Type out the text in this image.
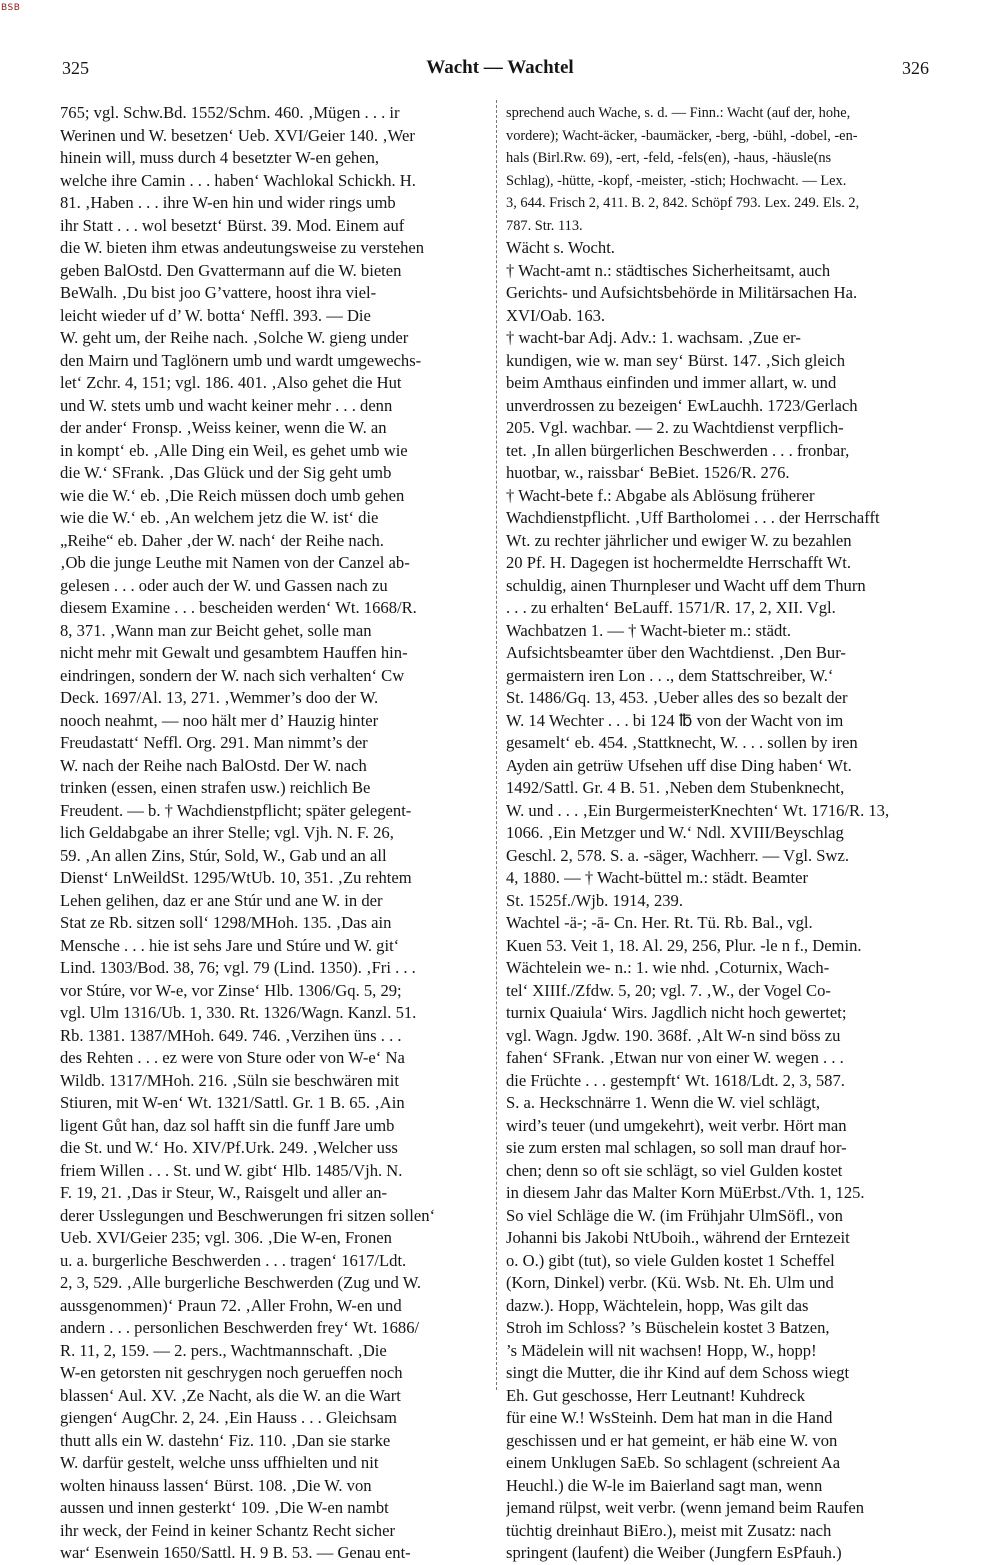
BSB
325	Wacht — Wachtel	326
765; vgl. Schw.Bd. 1552/Schm. 460. ‚Mügen . . . ir
Werinen und W. besetzen‘ Ueb. XVI/Geier 140. ‚Wer
hinein will, muss durch 4 besetzter W-en gehen,
welche ihre Camin . . . haben‘ Wachlokal Schickh. H.
81. ‚Haben . . . ihre W-en hin und wider rings umb
ihr Statt . . . wol besetzt‘ Bürst. 39. Mod. Einem auf
die W. bieten ihm etwas andeutungsweise zu verstehen
geben BalOstd. Den Gvattermann auf die W. bieten
BeWalh. ‚Du bist joo G’vattere, hoost ihra viel-
leicht wieder uf d’ W. botta‘ Neffl. 393. — Die
W. geht um, der Reihe nach. ‚Solche W. gieng under
den Mairn und Taglönern umb und wardt umgewechs-
let‘ Zchr. 4, 151; vgl. 186. 401. ‚Also gehet die Hut
und W. stets umb und wacht keiner mehr . . . denn
der ander‘ Fronsp. ‚Weiss keiner, wenn die W. an
in kompt‘ eb. ‚Alle Ding ein Weil, es gehet umb wie
die W.‘ SFrank. ‚Das Glück und der Sig geht umb
wie die W.‘ eb. ‚Die Reich müssen doch umb gehen
wie die W.‘ eb. ‚An welchem jetz die W. ist‘ die
„Reihe“ eb. Daher ‚der W. nach‘ der Reihe nach.
‚Ob die junge Leuthe mit Namen von der Canzel ab-
gelesen . . . oder auch der W. und Gassen nach zu
diesem Examine . . . bescheiden werden‘ Wt. 1668/R.
8, 371. ‚Wann man zur Beicht gehet, solle man
nicht mehr mit Gewalt und gesambtem Hauffen hin-
eindringen, sondern der W. nach sich verhalten‘ Cw
Deck. 1697/Al. 13, 271. ‚Wemmer’s doo der W.
nooch neahmt, — noo hält mer d’ Hauzig hinter
Freudastatt‘ Neffl. Org. 291. Man nimmt’s der
W. nach der Reihe nach BalOstd. Der W. nach
trinken (essen, einen strafen usw.) reichlich Be
Freudent. — b. † Wachdienstpflicht; später gelegent-
lich Geldabgabe an ihrer Stelle; vgl. Vjh. N. F. 26,
59. ‚An allen Zins, Stúr, Sold, W., Gab und an all
Dienst‘ LnWeildSt. 1295/WtUb. 10, 351. ‚Zu rehtem
Lehen gelihen, daz er ane Stúr und ane W. in der
Stat ze Rb. sitzen soll‘ 1298/MHoh. 135. ‚Das ain
Mensche . . . hie ist sehs Jare und Stúre und W. git‘
Lind. 1303/Bod. 38, 76; vgl. 79 (Lind. 1350). ‚Fri . . .
vor Stúre, vor W-e, vor Zinse‘ Hlb. 1306/Gq. 5, 29;
vgl. Ulm 1316/Ub. 1, 330. Rt. 1326/Wagn. Kanzl. 51.
Rb. 1381. 1387/MHoh. 649. 746. ‚Verzihen üns . . .
des Rehten . . . ez were von Sture oder von W-e‘ Na
Wildb. 1317/MHoh. 216. ‚Süln sie beschwären mit
Stiuren, mit W-en‘ Wt. 1321/Sattl. Gr. 1 B. 65. ‚Ain
ligent Gůt han, daz sol hafft sin die funff Jare umb
die St. und W.‘ Ho. XIV/Pf.Urk. 249. ‚Welcher uss
friem Willen . . . St. und W. gibt‘ Hlb. 1485/Vjh. N.
F. 19, 21. ‚Das ir Steur, W., Raisgelt und aller an-
derer Usslegungen und Beschwerungen fri sitzen sollen‘
Ueb. XVI/Geier 235; vgl. 306. ‚Die W-en, Fronen
u. a. burgerliche Beschwerden . . . tragen‘ 1617/Ldt.
2, 3, 529. ‚Alle burgerliche Beschwerden (Zug und W.
aussgenommen)‘ Praun 72. ‚Aller Frohn, W-en und
andern . . . personlichen Beschwerden frey‘ Wt. 1686/
R. 11, 2, 159. — 2. pers., Wachtmannschaft. ‚Die
W-en getorsten nit geschrygen noch gerueffen noch
blassen‘ Aul. XV. ‚Ze Nacht, als die W. an die Wart
giengen‘ AugChr. 2, 24. ‚Ein Hauss . . . Gleichsam
thutt alls ein W. dastehn‘ Fiz. 110. ‚Dan sie starke
W. darfür gestelt, welche unss uffhielten und nit
wolten hinauss lassen‘ Bürst. 108. ‚Die W. von
aussen und innen gesterkt‘ 109. ‚Die W-en nambt
ihr weck, der Feind in keiner Schantz Recht sicher
war‘ Esenwein 1650/Sattl. H. 9 B. 53. — Genau ent-
sprechend auch Wache, s. d. — Finn.: Wacht (auf der, hohe,
vordere); Wacht-äcker, -baumäcker, -berg, -bühl, -dobel, -en-
hals (Birl.Rw. 69), -ert, -feld, -fels(en), -haus, -häusle(ns
Schlag), -hütte, -kopf, -meister, -stich; Hochwacht. — Lex.
3, 644. Frisch 2, 411. B. 2, 842. Schöpf 793. Lex. 249. Els. 2,
787. Str. 113.
Wächt s. Wocht.
† Wacht-amt n.: städtisches Sicherheitsamt, auch
Gerichts- und Aufsichtsbehörde in Militärsachen Ha.
XVI/Oab. 163.
† wacht-bar Adj. Adv.: 1. wachsam. ‚Zue er-
kundigen, wie w. man sey‘ Bürst. 147. ‚Sich gleich
beim Amthaus einfinden und immer allart, w. und
unverdrossen zu bezeigen‘ EwLauchh. 1723/Gerlach
205. Vgl. wachbar. — 2. zu Wachtdienst verpflich-
tet. ‚In allen bürgerlichen Beschwerden . . . fronbar,
huotbar, w., raissbar‘ BeBiet. 1526/R. 276.
† Wacht-bete f.: Abgabe als Ablösung früherer
Wachdienstpflicht. ‚Uff Bartholomei . . . der Herrschafft
Wt. zu rechter jährlicher und ewiger W. zu bezahlen
20 Pf. H. Dagegen ist hochermeldte Herrschafft Wt.
schuldig, ainen Thurnpleser und Wacht uff dem Thurn
. . . zu erhalten‘ BeLauff. 1571/R. 17, 2, XII. Vgl.
Wachbatzen 1. — † Wacht-bieter m.: städt.
Aufsichtsbeamter über den Wachtdienst. ‚Den Bur-
germaistern iren Lon . . ., dem Stattschreiber, W.‘
St. 1486/Gq. 13, 453. ‚Ueber alles des so bezalt der
W. 14 Wechter . . . bi 124 ℔ von der Wacht von im
gesamelt‘ eb. 454. ‚Stattknecht, W. . . . sollen by iren
Ayden ain getrüw Ufsehen uff dise Ding haben‘ Wt.
1492/Sattl. Gr. 4 B. 51. ‚Neben dem Stubenknecht,
W. und . . . ‚Ein BurgermeisterKnechten‘ Wt. 1716/R. 13,
1066. ‚Ein Metzger und W.‘ Ndl. XVIII/Beyschlag
Geschl. 2, 578. S. a. -säger, Wachherr. — Vgl. Swz.
4, 1880. — † Wacht-büttel m.: städt. Beamter
St. 1525f./Wjb. 1914, 239.
Wachtel -ä-; -ā- Cn. Her. Rt. Tü. Rb. Bal., vgl.
Kuen 53. Veit 1, 18. Al. 29, 256, Plur. -le n f., Demin.
Wächtelein we- n.: 1. wie nhd. ‚Coturnix, Wach-
tel‘ XIIIf./Zfdw. 5, 20; vgl. 7. ‚W., der Vogel Co-
turnix Quaiula‘ Wirs. Jagdlich nicht hoch gewertet;
vgl. Wagn. Jgdw. 190. 368f. ‚Alt W-n sind böss zu
fahen‘ SFrank. ‚Etwan nur von einer W. wegen . . .
die Früchte . . . gestempft‘ Wt. 1618/Ldt. 2, 3, 587.
S. a. Heckschnärre 1. Wenn die W. viel schlägt,
wird’s teuer (und umgekehrt), weit verbr. Hört man
sie zum ersten mal schlagen, so soll man drauf hor-
chen; denn so oft sie schlägt, so viel Gulden kostet
in diesem Jahr das Malter Korn MüErbst./Vth. 1, 125.
So viel Schläge die W. (im Frühjahr UlmSöfl., von
Johanni bis Jakobi NtUboih., während der Erntezeit
o. O.) gibt (tut), so viele Gulden kostet 1 Scheffel
(Korn, Dinkel) verbr. (Kü. Wsb. Nt. Eh. Ulm und
dazw.). Hopp, Wächtelein, hopp, Was gilt das
Stroh im Schloss? ’s Büschelein kostet 3 Batzen,
’s Mädelein will nit wachsen! Hopp, W., hopp!
singt die Mutter, die ihr Kind auf dem Schoss wiegt
Eh. Gut geschosse, Herr Leutnant! Kuhdreck
für eine W.! WsSteinh. Dem hat man in die Hand
geschissen und er hat gemeint, er häb eine W. von
einem Unklugen SaEb. So schlagent (schreient Aa
Heuchl.) die W-le im Baierland sagt man, wenn
jemand rülpst, weit verbr. (wenn jemand beim Raufen
tüchtig dreinhaut BiEro.), meist mit Zusatz: nach
springent (laufent) die Weiber (Jungfern EsPfauh.)
